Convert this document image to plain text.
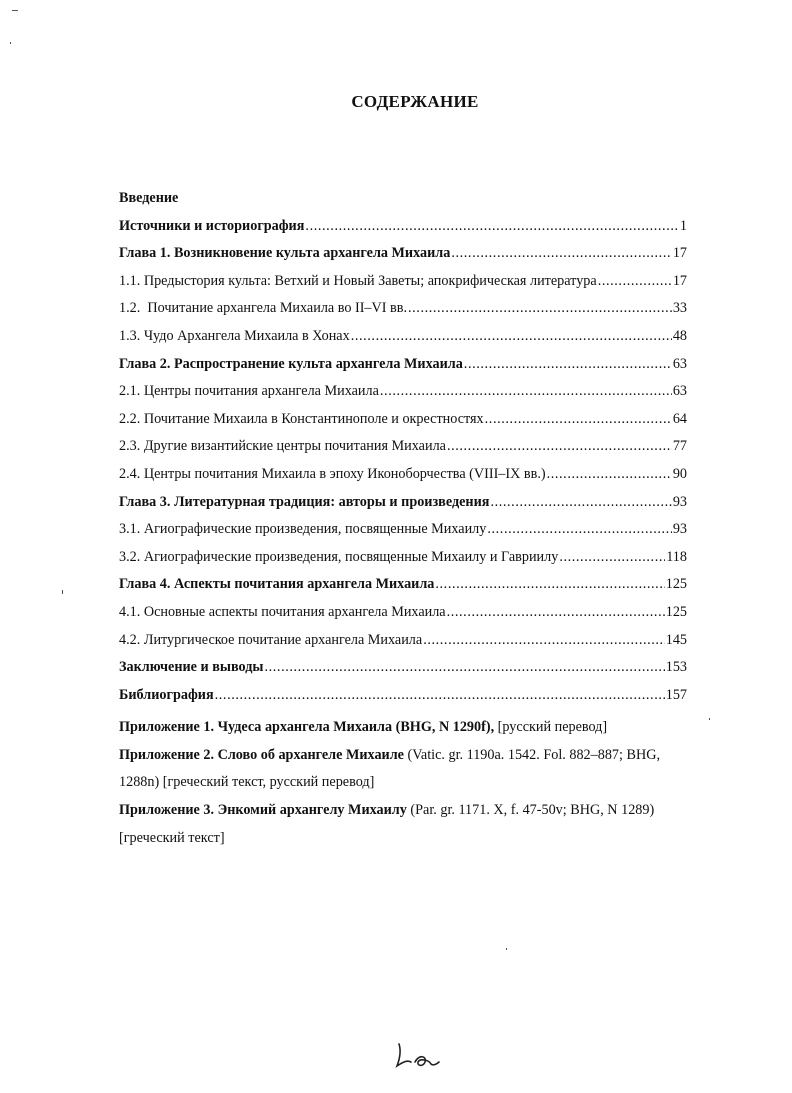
СОДЕРЖАНИЕ
Введение
Источники и историография .....	1
Глава 1. Возникновение культа архангела Михаила .....	17
1.1. Предыстория культа: Ветхий и Новый Заветы; апокрифическая литература .....	17
1.2.  Почитание архангела Михаила во II–VI вв. .....	33
1.3. Чудо Архангела Михаила в Хонах .....	48
Глава 2. Распространение культа архангела Михаила .....	63
2.1. Центры почитания архангела Михаила .....	63
2.2. Почитание Михаила в Константинополе и окрестностях .....	64
2.3. Другие византийские центры почитания Михаила .....	77
2.4. Центры почитания Михаила в эпоху Иконоборчества (VIII–IX вв.) .....	90
Глава 3. Литературная традиция: авторы и произведения .....	93
3.1. Агиографические произведения, посвященные Михаилу .....	93
3.2. Агиографические произведения, посвященные Михаилу и Гавриилу .....	118
Глава 4. Аспекты почитания архангела Михаила .....	125
4.1. Основные аспекты почитания архангела Михаила .....	125
4.2. Литургическое почитание архангела Михаила .....	145
Заключение и выводы .....	153
Библиография .....	157
Приложение 1. Чудеса архангела Михаила (BHG, N 1290f), [русский перевод]
Приложение 2. Слово об архангеле Михаиле (Vatic. gr. 1190a. 1542. Fol. 882–887; BHG, 1288n) [греческий текст, русский перевод]
Приложение 3. Энкомий архангелу Михаилу (Par. gr. 1171. X, f. 47-50v; BHG, N 1289) [греческий текст]
